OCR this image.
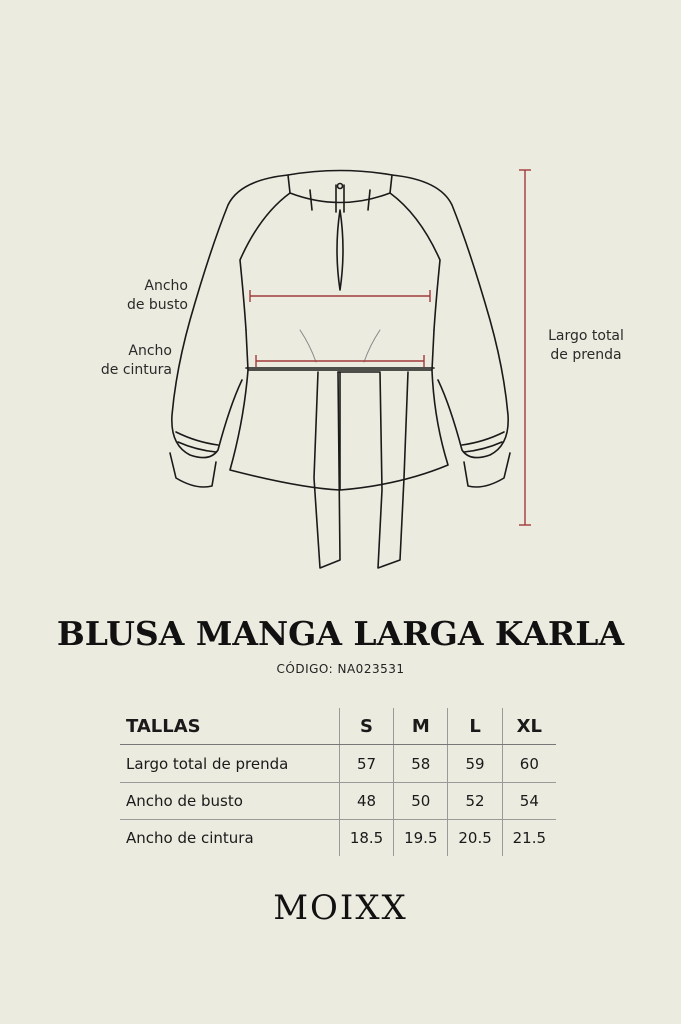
Ancho
de busto
Ancho
de cintura
Largo total
de prenda
BLUSA MANGA LARGA KARLA
CÓDIGO: NA023531
TALLAS	S	M	L	XL
Largo total de prenda	57	58	59	60
Ancho de busto	48	50	52	54
Ancho de cintura	18.5	19.5	20.5	21.5
MOIXX
